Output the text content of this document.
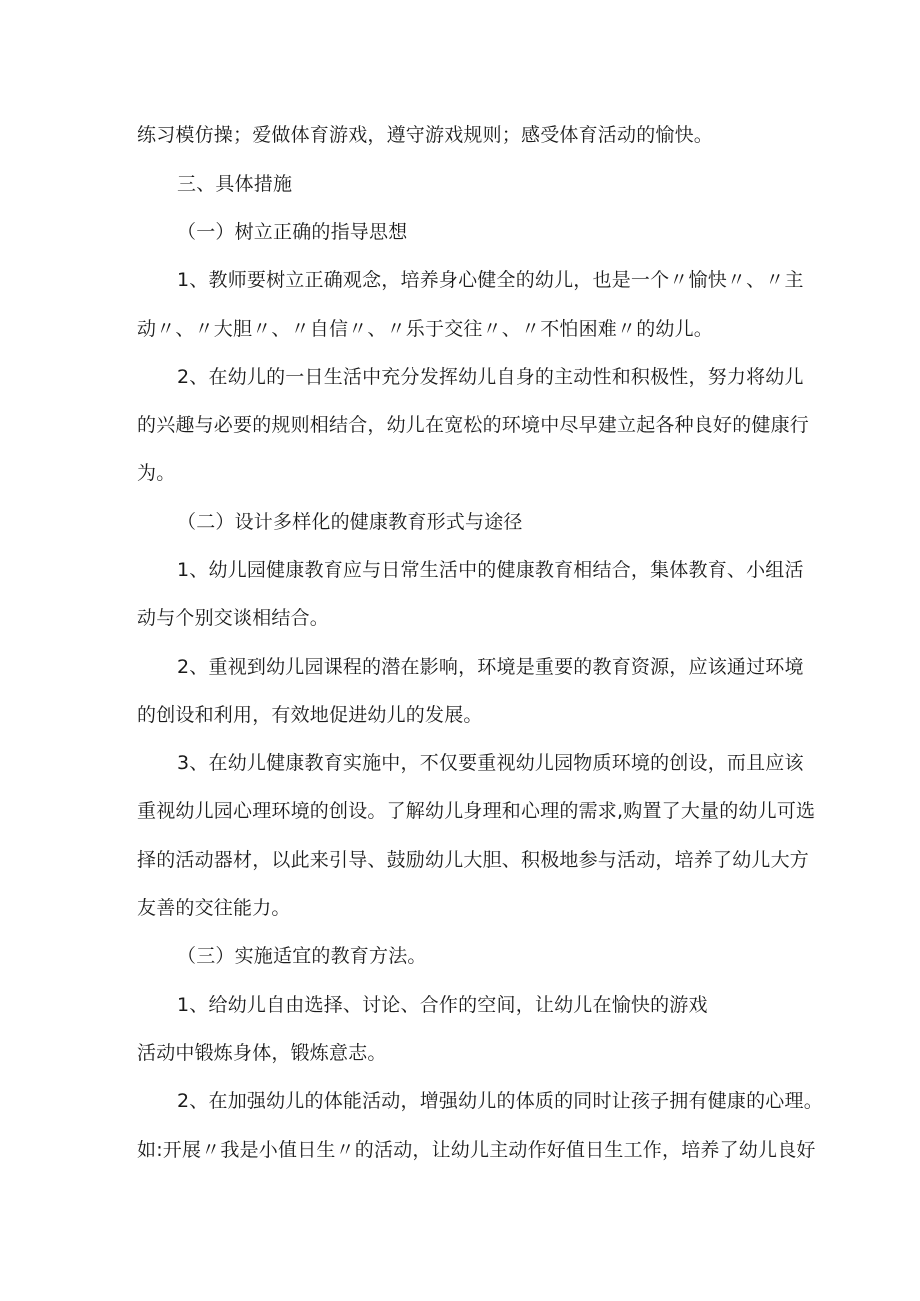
练习模仿操；爱做体育游戏，遵守游戏规则；感受体育活动的愉快。
三、具体措施
（一）树立正确的指导思想
1、教师要树立正确观念，培养身心健全的幼儿，也是一个〃愉快〃、〃主
动〃、〃大胆〃、〃自信〃、〃乐于交往〃、〃不怕困难〃的幼儿。
2、在幼儿的一日生活中充分发挥幼儿自身的主动性和积极性，努力将幼儿
的兴趣与必要的规则相结合，幼儿在宽松的环境中尽早建立起各种良好的健康行
为。
（二）设计多样化的健康教育形式与途径
1、幼儿园健康教育应与日常生活中的健康教育相结合，集体教育、小组活
动与个别交谈相结合。
2、重视到幼儿园课程的潜在影响，环境是重要的教育资源，应该通过环境
的创设和利用，有效地促进幼儿的发展。
3、在幼儿健康教育实施中，不仅要重视幼儿园物质环境的创设，而且应该
重视幼儿园心理环境的创设。了解幼儿身理和心理的需求,购置了大量的幼儿可选
择的活动器材，以此来引导、鼓励幼儿大胆、积极地参与活动，培养了幼儿大方
友善的交往能力。
（三）实施适宜的教育方法。
1、给幼儿自由选择、讨论、合作的空间，让幼儿在愉快的游戏
活动中锻炼身体，锻炼意志。
2、在加强幼儿的体能活动，增强幼儿的体质的同时让孩子拥有健康的心理。
如:开展〃我是小值日生〃的活动，让幼儿主动作好值日生工作，培养了幼儿良好
